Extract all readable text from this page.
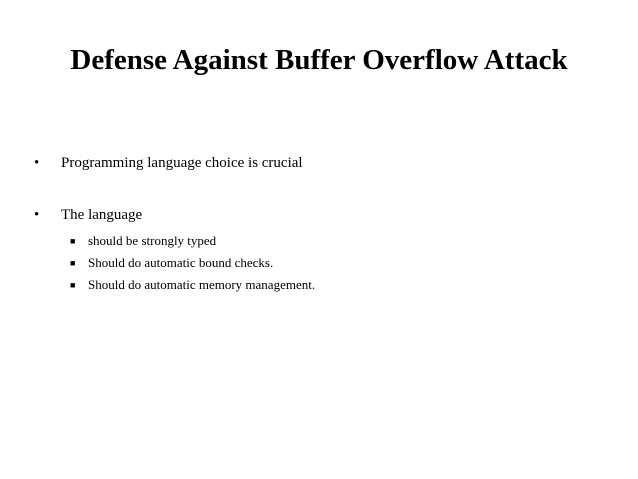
Defense Against Buffer Overflow Attack
• Programming language choice is crucial
• The language
■ should be strongly typed
■ Should do automatic bound checks.
■ Should do automatic memory management.
